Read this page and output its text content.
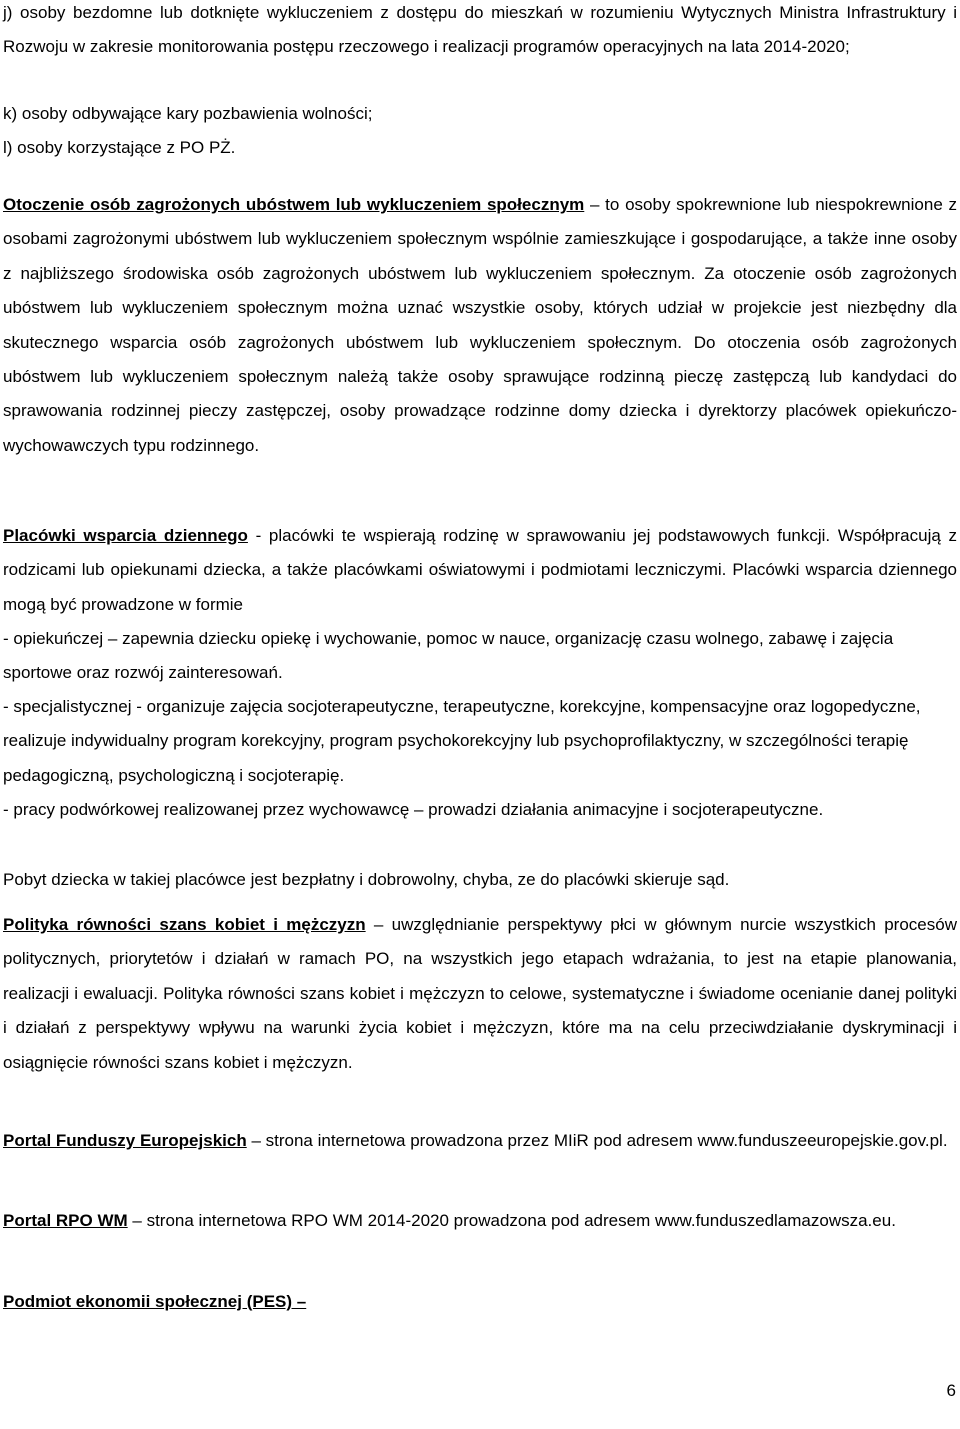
j) osoby bezdomne lub dotknięte wykluczeniem z dostępu do mieszkań w rozumieniu Wytycznych Ministra Infrastruktury i Rozwoju w zakresie monitorowania postępu rzeczowego i realizacji programów operacyjnych na lata 2014-2020;

k) osoby odbywające kary pozbawienia wolności;

l) osoby korzystające z PO PŻ.

Otoczenie osób zagrożonych ubóstwem lub wykluczeniem społecznym – to osoby spokrewnione lub niespokrewnione z osobami zagrożonymi ubóstwem lub wykluczeniem społecznym wspólnie zamieszkujące i gospodarujące, a także inne osoby z najbliższego środowiska osób zagrożonych ubóstwem lub wykluczeniem społecznym. Za otoczenie osób zagrożonych ubóstwem lub wykluczeniem społecznym można uznać wszystkie osoby, których udział w projekcie jest niezbędny dla skutecznego wsparcia osób zagrożonych ubóstwem lub wykluczeniem społecznym. Do otoczenia osób zagrożonych ubóstwem lub wykluczeniem społecznym należą także osoby sprawujące rodzinną pieczę zastępczą lub kandydaci do sprawowania rodzinnej pieczy zastępczej, osoby prowadzące rodzinne domy dziecka i dyrektorzy placówek opiekuńczo-wychowawczych typu rodzinnego.

Placówki wsparcia dziennego - placówki te wspierają rodzinę w sprawowaniu jej podstawowych funkcji. Współpracują z rodzicami lub opiekunami dziecka, a także placówkami oświatowymi i podmiotami leczniczymi. Placówki wsparcia dziennego mogą być prowadzone w formie

- opiekuńczej – zapewnia dziecku opiekę i wychowanie, pomoc w nauce, organizację czasu wolnego, zabawę i zajęcia sportowe oraz rozwój zainteresowań.

- specjalistycznej - organizuje zajęcia socjoterapeutyczne, terapeutyczne, korekcyjne, kompensacyjne oraz logopedyczne, realizuje indywidualny program korekcyjny, program psychokorekcyjny lub psychoprofilaktyczny, w szczególności terapię pedagogiczną, psychologiczną i socjoterapię.

- pracy podwórkowej realizowanej przez wychowawcę – prowadzi działania animacyjne i socjoterapeutyczne.

Pobyt dziecka w takiej placówce jest bezpłatny i dobrowolny, chyba, ze do placówki skieruje sąd.

Polityka równości szans kobiet i mężczyzn – uwzględnianie perspektywy płci w głównym nurcie wszystkich procesów politycznych, priorytetów i działań w ramach PO, na wszystkich jego etapach wdrażania, to jest na etapie planowania, realizacji i ewaluacji. Polityka równości szans kobiet i mężczyzn to celowe, systematyczne i świadome ocenianie danej polityki i działań z perspektywy wpływu na warunki życia kobiet i mężczyzn, które ma na celu przeciwdziałanie dyskryminacji i osiągnięcie równości szans kobiet i mężczyzn.

Portal Funduszy Europejskich – strona internetowa prowadzona przez MIiR pod adresem www.funduszeeuropejskie.gov.pl.

Portal RPO WM – strona internetowa RPO WM 2014-2020 prowadzona pod adresem www.funduszedlamazowsza.eu.

Podmiot ekonomii społecznej (PES) –

6
